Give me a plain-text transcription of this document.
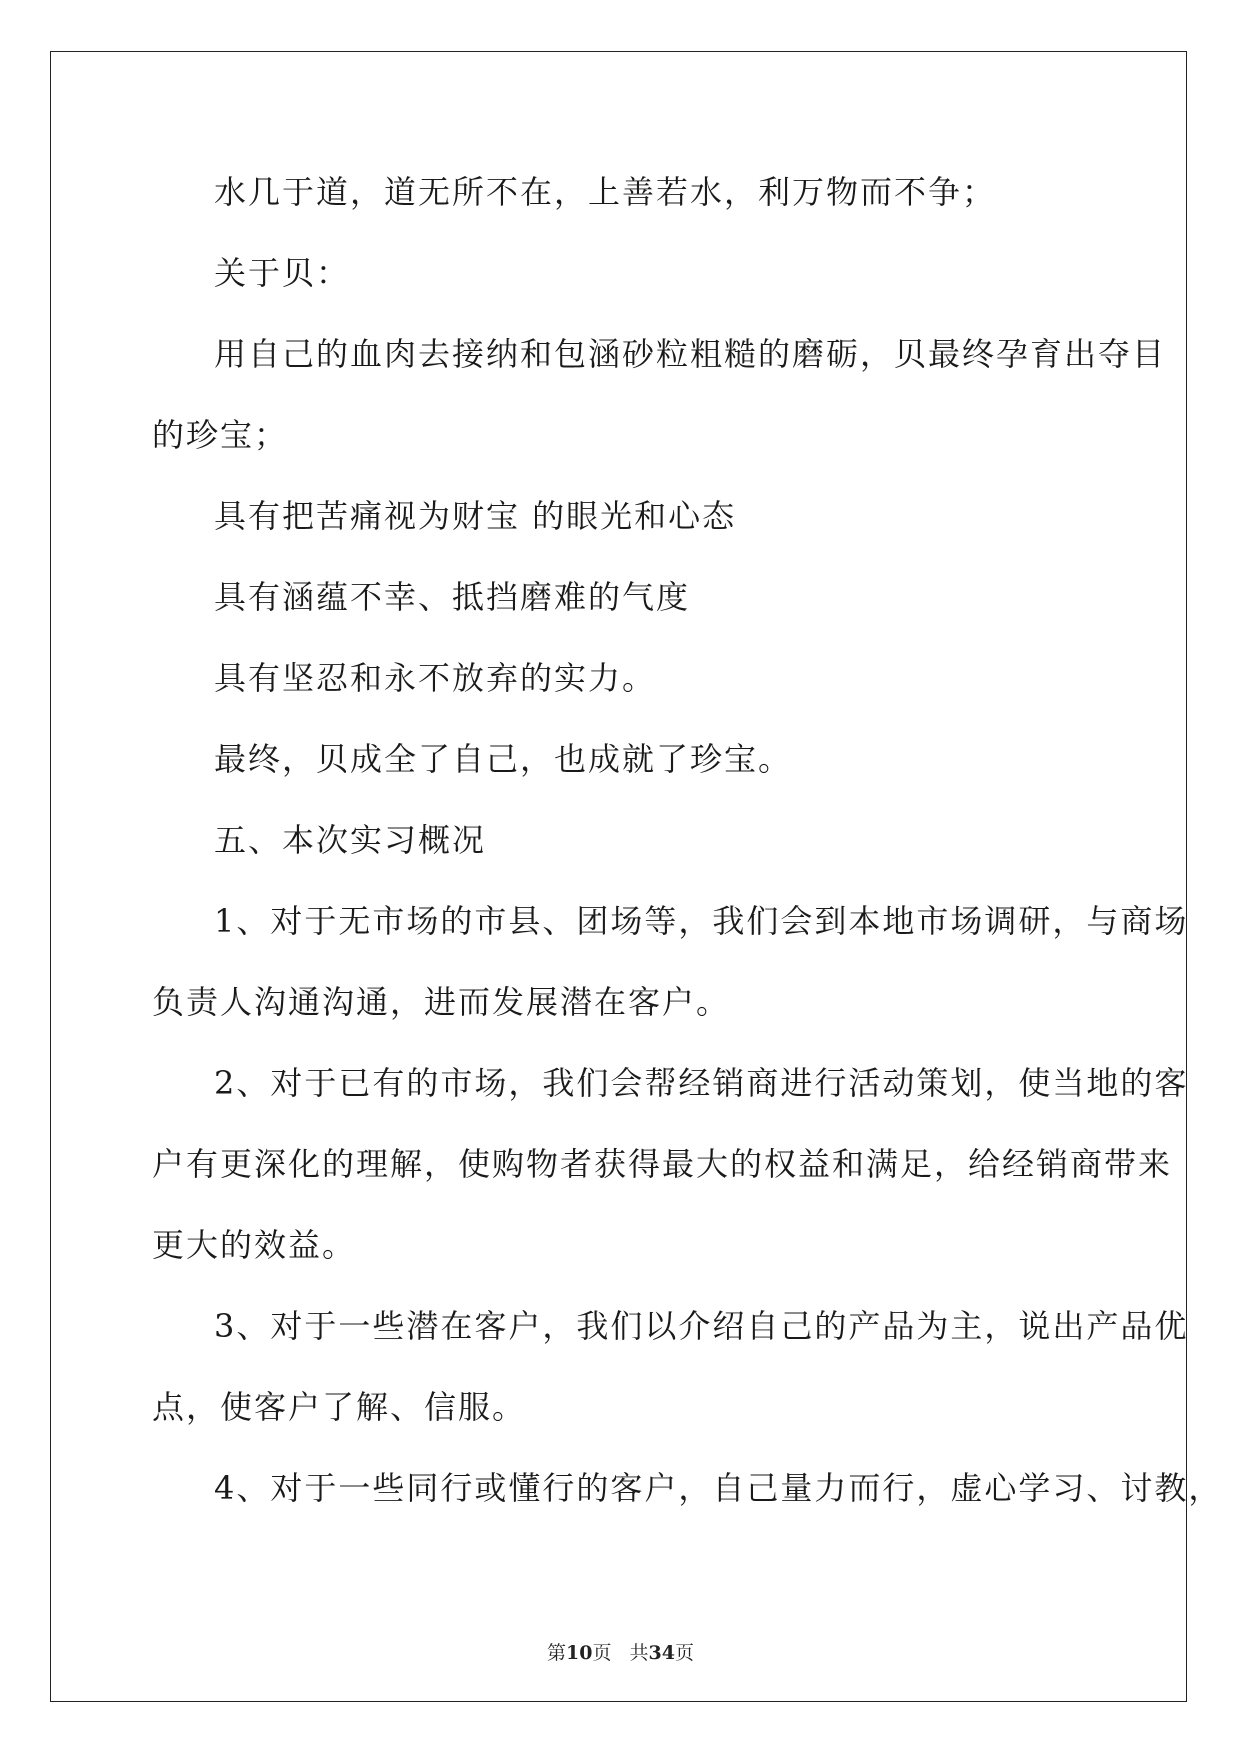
水几于道，道无所不在，上善若水，利万物而不争；

关于贝：

用自己的血肉去接纳和包涵砂粒粗糙的磨砺，贝最终孕育出夺目

的珍宝；

具有把苦痛视为财宝 的眼光和心态

具有涵蕴不幸、抵挡磨难的气度

具有坚忍和永不放弃的实力。

最终，贝成全了自己，也成就了珍宝。

五、本次实习概况

1、对于无市场的市县、团场等，我们会到本地市场调研，与商场

负责人沟通沟通，进而发展潜在客户。

2、对于已有的市场，我们会帮经销商进行活动策划，使当地的客

户有更深化的理解，使购物者获得最大的权益和满足，给经销商带来

更大的效益。

3、对于一些潜在客户，我们以介绍自己的产品为主，说出产品优

点，使客户了解、信服。

4、对于一些同行或懂行的客户，自己量力而行，虚心学习、讨教，

第10页 共34页
